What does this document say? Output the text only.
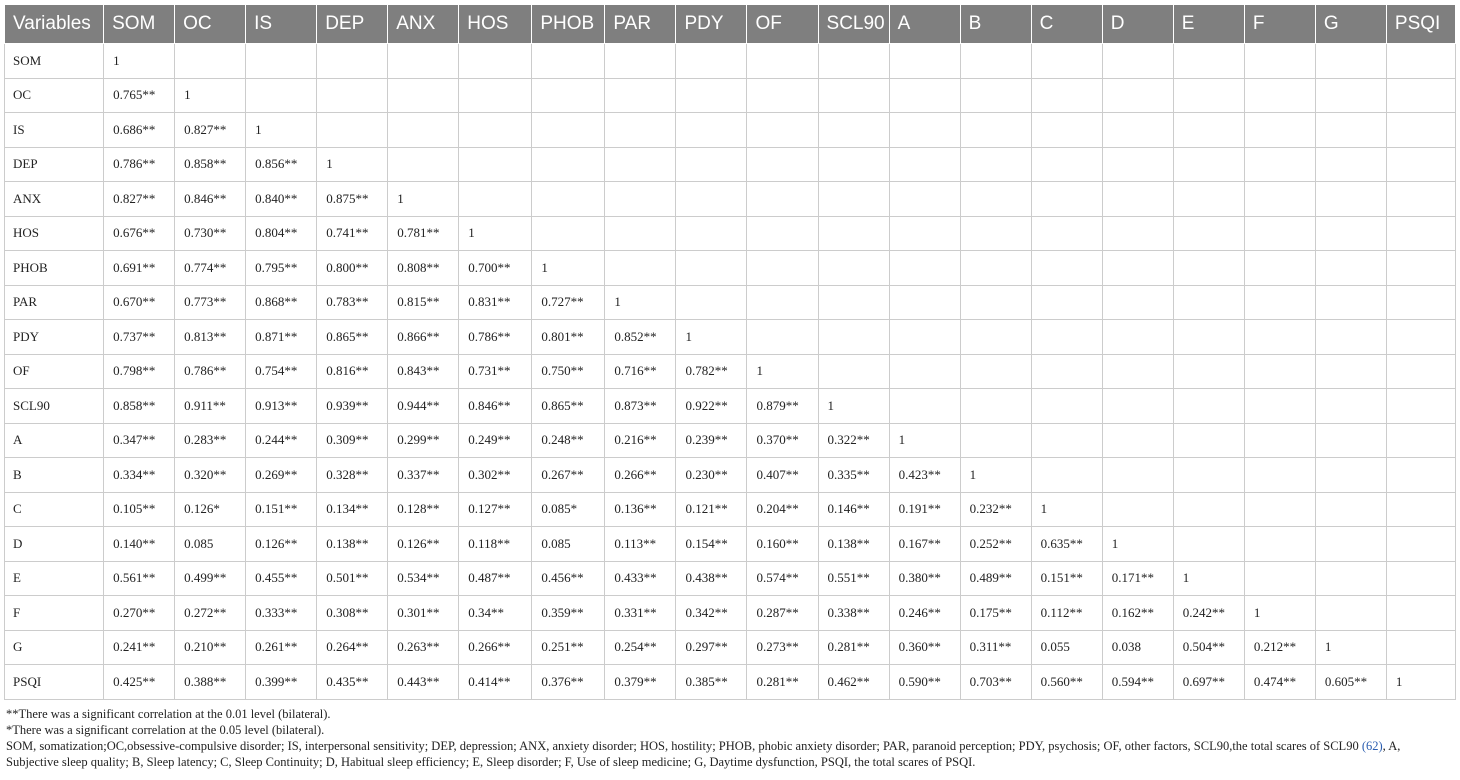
Variables	SOM	OC	IS	DEP	ANX	HOS	PHOB	PAR	PDY	OF	SCL90	A	B	C	D	E	F	G	PSQI
SOM	1																		
OC	0.765**	1																	
IS	0.686**	0.827**	1																
DEP	0.786**	0.858**	0.856**	1															
ANX	0.827**	0.846**	0.840**	0.875**	1														
HOS	0.676**	0.730**	0.804**	0.741**	0.781**	1													
PHOB	0.691**	0.774**	0.795**	0.800**	0.808**	0.700**	1												
PAR	0.670**	0.773**	0.868**	0.783**	0.815**	0.831**	0.727**	1											
PDY	0.737**	0.813**	0.871**	0.865**	0.866**	0.786**	0.801**	0.852**	1										
OF	0.798**	0.786**	0.754**	0.816**	0.843**	0.731**	0.750**	0.716**	0.782**	1									
SCL90	0.858**	0.911**	0.913**	0.939**	0.944**	0.846**	0.865**	0.873**	0.922**	0.879**	1								
A	0.347**	0.283**	0.244**	0.309**	0.299**	0.249**	0.248**	0.216**	0.239**	0.370**	0.322**	1							
B	0.334**	0.320**	0.269**	0.328**	0.337**	0.302**	0.267**	0.266**	0.230**	0.407**	0.335**	0.423**	1						
C	0.105**	0.126*	0.151**	0.134**	0.128**	0.127**	0.085*	0.136**	0.121**	0.204**	0.146**	0.191**	0.232**	1					
D	0.140**	0.085	0.126**	0.138**	0.126**	0.118**	0.085	0.113**	0.154**	0.160**	0.138**	0.167**	0.252**	0.635**	1				
E	0.561**	0.499**	0.455**	0.501**	0.534**	0.487**	0.456**	0.433**	0.438**	0.574**	0.551**	0.380**	0.489**	0.151**	0.171**	1			
F	0.270**	0.272**	0.333**	0.308**	0.301**	0.34**	0.359**	0.331**	0.342**	0.287**	0.338**	0.246**	0.175**	0.112**	0.162**	0.242**	1		
G	0.241**	0.210**	0.261**	0.264**	0.263**	0.266**	0.251**	0.254**	0.297**	0.273**	0.281**	0.360**	0.311**	0.055	0.038	0.504**	0.212**	1	
PSQI	0.425**	0.388**	0.399**	0.435**	0.443**	0.414**	0.376**	0.379**	0.385**	0.281**	0.462**	0.590**	0.703**	0.560**	0.594**	0.697**	0.474**	0.605**	1
**There was a significant correlation at the 0.01 level (bilateral).
*There was a significant correlation at the 0.05 level (bilateral).
SOM, somatization;OC,obsessive-compulsive disorder; IS, interpersonal sensitivity; DEP, depression; ANX, anxiety disorder; HOS, hostility; PHOB, phobic anxiety disorder; PAR, paranoid perception; PDY, psychosis; OF, other factors, SCL90,the total scares of SCL90 (62), A, Subjective sleep quality; B, Sleep latency; C, Sleep Continuity; D, Habitual sleep efficiency; E, Sleep disorder; F, Use of sleep medicine; G, Daytime dysfunction, PSQI, the total scares of PSQI.
